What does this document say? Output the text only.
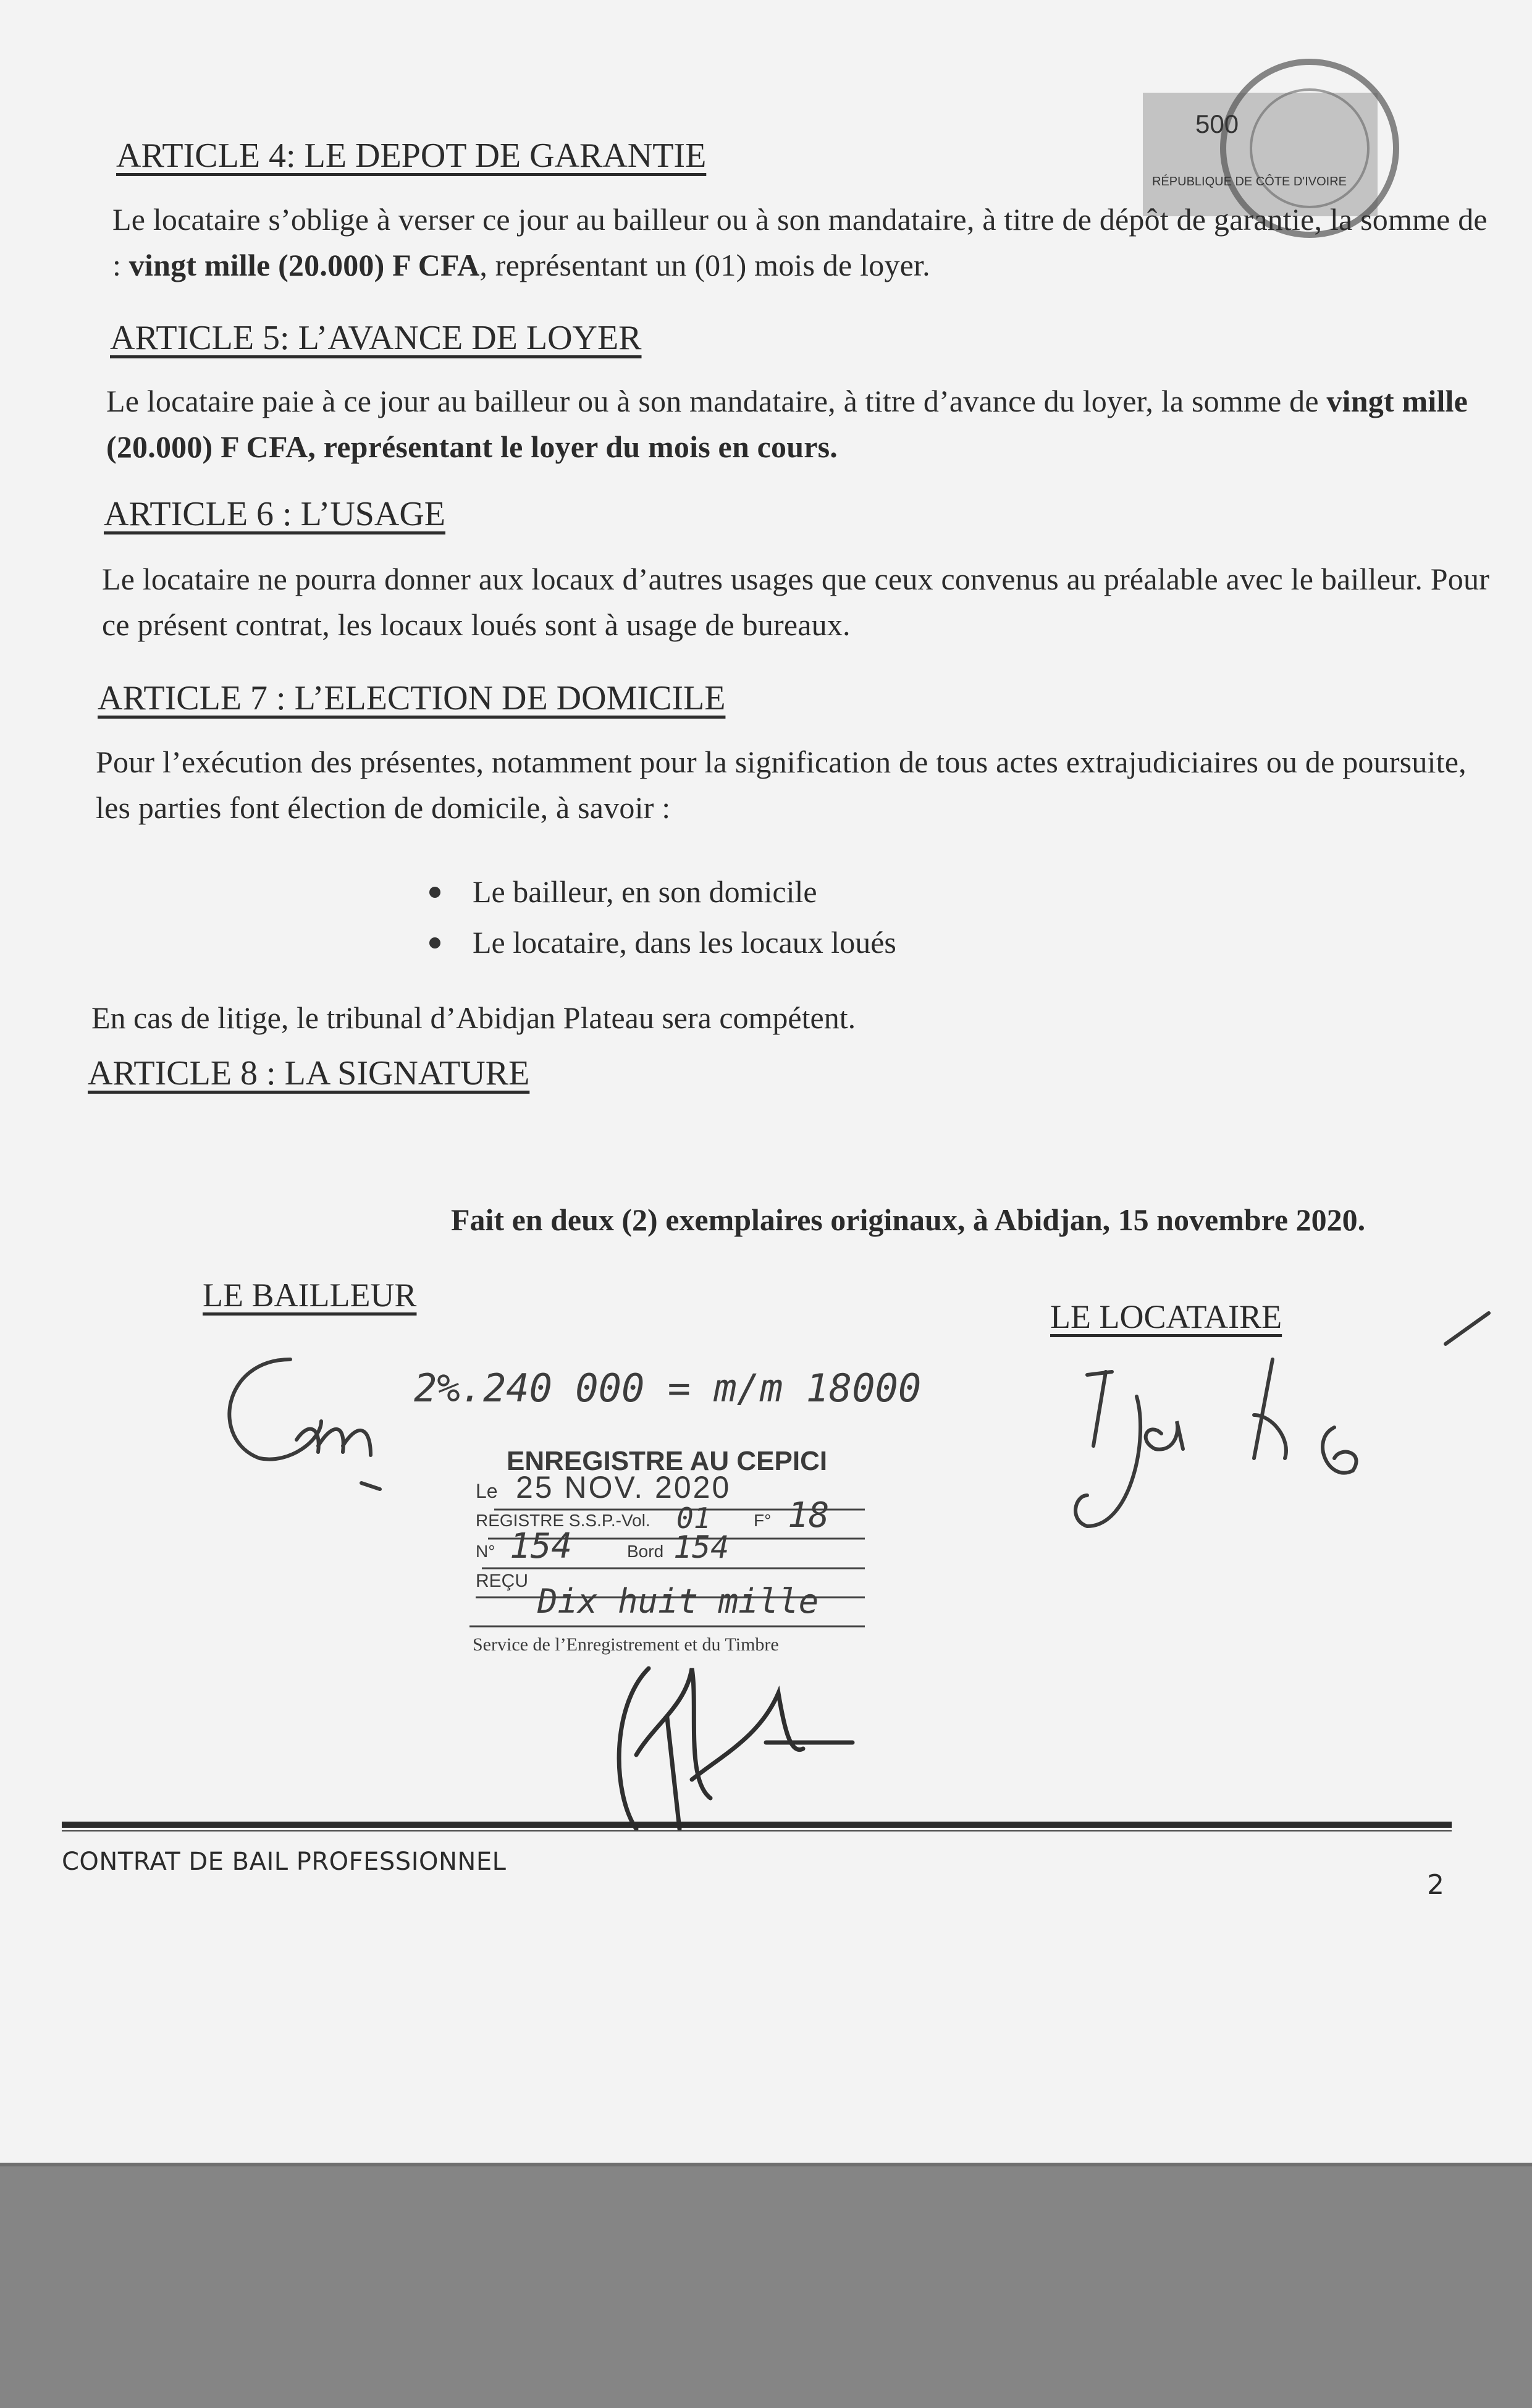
500
RÉPUBLIQUE DE CÔTE D'IVOIRE
ARTICLE 4: LE DEPOT DE GARANTIE

Le locataire s’oblige à verser ce jour au bailleur ou à son mandataire, à titre de dépôt de garantie, la somme de : vingt mille (20.000) F CFA, représentant un (01) mois de loyer.

ARTICLE 5: L’AVANCE DE LOYER

Le locataire paie à ce jour au bailleur ou à son mandataire, à titre d’avance du loyer, la somme de vingt mille (20.000) F CFA, représentant le loyer du mois en cours.

ARTICLE 6 : L’USAGE

Le locataire ne pourra donner aux locaux d’autres usages que ceux convenus au préalable avec le bailleur. Pour ce présent contrat, les locaux loués sont à usage de bureaux.

ARTICLE 7 : L’ELECTION DE DOMICILE

Pour l’exécution des présentes, notamment pour la signification de tous actes extrajudiciaires ou de poursuite, les parties font élection de domicile, à savoir :

Le bailleur, en son domicile
Le locataire, dans les locaux loués

En cas de litige, le tribunal d’Abidjan Plateau sera compétent.

ARTICLE 8 : LA SIGNATURE

Fait en deux (2) exemplaires originaux, à Abidjan, 15 novembre 2020.

LE BAILLEUR

LE LOCATAIRE

2%.240 000 = m/m 18000
ENREGISTRE AU CEPICI
Le 25 NOV. 2020
REGISTRE S.S.P.-Vol. 01 F° 18
N° 154	Bord 154
REÇU
Dix huit mille
Service de l’Enregistrement et du Timbre
CONTRAT DE BAIL PROFESSIONNEL
2
